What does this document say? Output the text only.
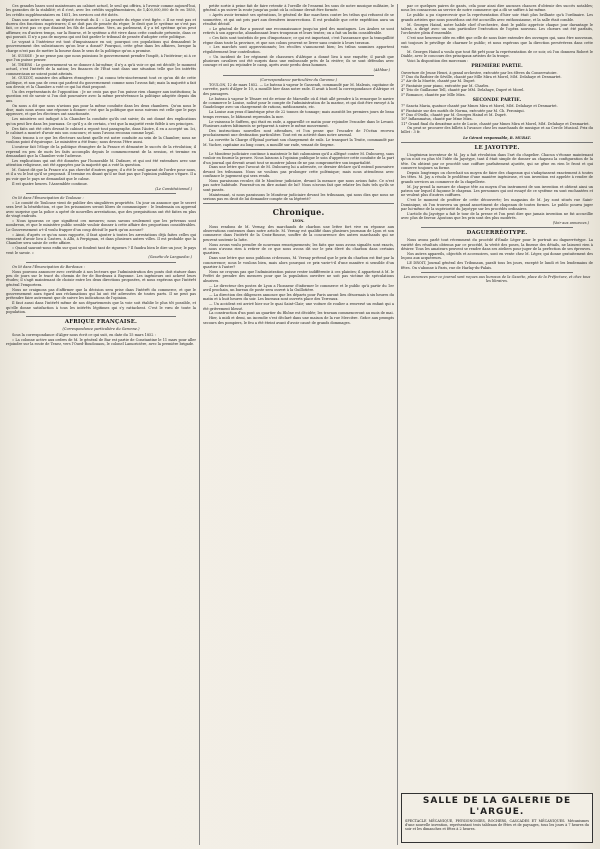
Ces grandes bases sont maintenues au cabinet actuel, le seul qui offrira, à l'avenir comme aujourd'hui, les garanties de la stabilité; et il s'est, avec les crédits supplémentaires, de 1,400,000,000 de fr. en 1850, les crédits supplémentaires en 1851, les services ont été dotés.
Dans une autre séance, un député écrivait du 4 : « La pensée du règne s'est figée. » Il ne veut pas et durera des fonctions supérieures; il ne doit pas de pensée du règne; le droit que le système ne s'est pas fait, ce n'est pas ce que disaient les fils de Lamartine. Vers, au parlement, il y a tel système qu'on peut affirmer, en d'autres temps, sur la Bourse, et le système a été vivre dans cette conduite présente, dans ce qui pouvait. Il n'y a pas de moyens qui ont fait garder le tribunal de pensée d'adopter cette politique.
Le voyant à l'intérieur est tout d'impuissance en soi; pourquoi ces populations qui demandent le gouvernement des subsistances qu'on leur a donné? Pourquoi, cette gêne dans les affaires, lorsque la charge n'est pas de mettre la bourse dans le sens de la politique qu'on a promise.
M. SUISSE : Je ne pense pas que nous puissions le gouvernement prendre l'impôt, à l'intérieur; ni à ce que l'on puisse penser.
M. THIERS : Le gouvernement va se donner à lui-même; il n'y a qu'à voir ce qui est décidé; le moment actuel, c'est l'intérêt de la nation; les finances de l'État sont dans une situation telle que les intérêts commerciaux ne soient point atteints.
M. GUIZOT, ministre des affaires étrangères : J'ai connu très-sincèrement tout ce qu'on dit de cette politique, et non pas de ceux qui parlent du gouvernement comme nous l'avons fait; mais la majorité a fait son devoir, et la Chambre a voté ce qui lui était proposé.
Un des représentants de l'opposition : Je ne crois pas que l'on puisse rien changer aux institutions; la question est de savoir si l'on doit poursuivre avec la même persévérance la politique adoptée depuis dix ans.
On nous a dit que nous n'avions pas pour la même conduite dans les deux chambres. Qu'on nous le dise; mais nous avons une réponse à donner: c'est que la politique que nous suivons est celle que le pays approuve, et que les électeurs ont sanctionnée.
Les ministres ont indiqué à la Chambre la conduite qu'ils ont suivie; ils ont donné des explications qu'on peut lire dans les journaux. Ce qu'il y a de certain, c'est que la majorité reste fidèle à ses principes.
Des faits ont été cités devant le cabinet a reposé tout paragraphe, dans l'Autre, il en a accepté un. Ici, le cabinet a montré d'avoir mis son concours; et nous l'avons reconnu comme loyal.
Nous tenons à ce que les électeurs sachent quelle est notre conduite au sein de la Chambre; nous ne voulons point d'équivoque. Le ministère a été franc; nous devons l'être aussi.
L'orateur fait l'éloge de la politique étrangère de la France et démontre le succès de la révolution; il reprend en peu de mots les faits accomplis depuis le commencement de la session, et termine en demandant que la Chambre vote l'adresse.
Les explications qui ont été données par l'honorable M. Dufaure, et qui ont été entendues avec une attention religieuse, ont été appuyées par la majorité qui a voté la question.
M. Guizot dit que la France n'a pas cherché d'autres gages; il a été le seul garant de l'ordre pour nous, et il a vu le but qu'il se proposait. Il termine en disant qu'il ne faut pas que l'opinion publique s'égare. Il a pu voir que le pays ne demandait que le calme.
Il est quatre heures. l'Assemblée continue.
(Le Constitutionnel.)
On lit dans l'Émancipation de Toulouse :
« Le comité de Toulouse vient de publier des singulières propriétés. Un jour on annonce que le secret sera levé la bénédiction, et que les prisonniers seront libres de communiquer : le lendemain on apprend avec surprise que la police a opéré de nouvelles arrestations, que des perquisitions ont été faites en plus de vingt endroits.
« Nous ignorons ce que signifient ces mesures; nous savons seulement que les prévenus sont nombreux, et que le ministère public semble vouloir donner à cette affaire des proportions considérables. Le Gouvernement a-t-il voulu frapper d'un coup décisif le parti qu'on accuse?
« Ainsi, d'après ce qu'on nous rapporte, il faut ajouter à toutes les arrestations déjà faites celles qui viennent d'avoir lieu à Castres, à Albi, à Perpignan, et dans plusieurs autres villes. Il est probable que la Chambre sera saisie de cette affaire.
« Quand sauront-nous enfin sur quoi se fondent tant de rigueurs ? Il faudra bien le dire un jour; le pays veut le savoir. »
(Gazette de Languedoc.)
On lit dans l'Émancipation de Bordeaux :
Nous pouvons annoncer avec certitude à nos lecteurs que l'administration des ponts doit statuer dans peu de jours sur le tracé du chemin de fer de Bordeaux à Bayonne. Les ingénieurs ont achevé leurs études; il s'agit maintenant de choisir entre les deux directions proposées, et nous espérons que l'intérêt général l'emportera.
Nous ne craignons pas d'affirmer que la décision sera prise dans l'intérêt du commerce, et que le gouvernement aura égard aux réclamations qui lui ont été adressées de toutes parts. Il ne peut pas prétendre faire autrement que de suivre les indications de l'opinion.
Il faut aussi dans l'intérêt même de nos départements que la voie soit établie le plus tôt possible, et qu'elle donne satisfaction à tous les intérêts légitimes qui s'y rattachent. C'est le vœu de toute la population.
AFRIQUE FRANÇAISE.
(Correspondance particulière du Garonne.)
Sous la correspondance d'Alger nous écrit ce qui suit, en date du 15 mars 1852 :
« La colonne active aux ordres de M. le général de Bar est partie de Constantine le 11 mars pour aller rejoindre sur la route de Tenez, vers l'Oued-Boudouaou, le colonel Lamoricière, avec la première brigade.
petite sortie à peine fait de faire retentir à l'oreille de l'ennemi les sons de notre musique militaire, le général a pu suivre la route jusqu'au point où la colonne devait être formée.
« Après avoir terminé ses opérations, le général de Bar marchera contre les tribus qui refusent de se soumettre, et qui ont pris part aux dernières insurrections. Il est probable que cette expédition aura un résultat décisif.
« Le général de Bar a poussé une reconnaissance jusqu'au pied des montagnes. Les Arabes se sont retirés à son approche, abandonnant leurs troupeaux et leurs tentes; on a fait un butin considérable.
« Ces faits sont toutefois de peu d'importance; ce qui est important, c'est l'assurance que la tranquillité règne dans toute la province, et que nos colons peuvent se livrer sans crainte à leurs travaux.
« Les marchés sont approvisionnés; les récoltes s'annoncent bien; les tribus soumises apportent régulièrement leur contribution.
« Un incident de 1er régiment de chasseurs d'Afrique a donné lieu à une enquête; il paraît que plusieurs cavaliers ont été surpris dans une embuscade près de la rivière; ils se sont défendus avec courage et ont pu rejoindre le camp, après avoir perdu deux hommes.
(Akhbar.)
(Correspondance particulière du Garonne.)
TOULON, 12 de mars 1852. — Le bateau à vapeur le Gassendi, commandé par M. Maleuis, capitaine de corvette, parti d'Alger le 10, a mouillé hier dans notre rade. Il avait à bord la correspondance d'Afrique et des passagers.
Le bateau à vapeur le Ténare est de retour de Marseille où il était allé prendre à la remorque le navire de commerce le Louise, nolisé pour le compte de l'administration de la marine, et qui doit être envoyé à la Guadeloupe avec un chargement de rations, médicaments, etc.
La Louise aux yeux d'Amérique pèse de 22 tonnes de tonnage; mais aussitôt les premiers jours de beau temps revenus, le bâtiment reprendra la mer.
Le vaisseau le Suffren, qui était en rade, a appareillé ce matin pour rejoindre l'escadre dans le Levant. Plusieurs autres bâtiments se préparent à suivre le même mouvement.
Des instructions nouvelles sont attendues, et l'on pense que l'escadre de l'Océan recevra prochainement une destination particulière. Tout est en activité dans notre arsenal.
La corvette la Charge d'Épinal portant son chargement de rails. Le transport la Truite, commandé par M. Vacher, capitaine au long cours, a mouillé sur rade, venant de Smyrne.
Le Moniteur judiciaire continue à maintenir le fait calomnieux qu'il a allégué contre M. Duboureg, sans vouloir en fournir la preuve. Nous laissons à l'opinion publique le soin d'apprécier cette conduite de la part d'un journal qui devrait avant tout se montrer jaloux de ne pas compromettre son impartialité.
Dans une lettre que l'avocat de M. Duboureg lui a adressée, ce dernier déclare qu'il entend poursuivre devant les tribunaux. Nous ne voulons pas prolonger cette polémique; mais nous attendrons avec confiance le jugement qui sera rendu.
Nous paraissons reculer, dit le Moniteur judiciaire, devant la menace que nous avions faite. Ce n'est pas notre habitude. Pourrait-on en dire autant de lui? Nous n'avons fait que relater les faits tels qu'ils se sont passés.
Maintenant, si nous paraissons le Moniteur judiciaire devant les tribunaux, qui nous dira que nous ne serions pas en droit de lui demander compte de sa légèreté?
Chronique.
LYON.
Nous rendons de M. Vernay, des marchands de charbon une lettre fort vive en réponse aux observations contenues dans notre article. M. Vernay est qualifié dans plusieurs journaux de Lyon et son commerce dans l'intérêt de la Croix-Rousse, souffre de la concurrence des autres marchands qui ne peuvent soutenir la lutte.
Nous avons voulu prendre de nouveaux renseignements; les faits que nous avons signalés sont exacts, et nous n'avons rien à retirer de ce que nous avons dit sur le prix élevé du charbon dans certains quartiers.
Dans une lettre que nous publions ci-dessous, M. Vernay prétend que le prix du charbon est fixé par la concurrence; nous le voulons bien, mais alors pourquoi ce prix varie-t-il d'une manière si sensible d'un quartier à l'autre?
Nous ne croyons pas que l'administration puisse rester indifférente à ces plaintes; il appartient à M. le Préfet de prendre des mesures pour que la population ouvrière ne soit pas victime de spéculations abusives.
— Le directeur des postes de Lyon a l'honneur d'informer le commerce et le public qu'à partir du 1er avril prochain, un bureau de poste sera ouvert à la Guillotière.
— La direction des diligences annonce que les départs pour Paris auront lieu désormais à six heures du matin et à huit heures du soir. Les bureaux sont ouverts place des Terreaux.
— Un accident est arrivé hier sur le quai Saint-Clair; une voiture de roulier a renversé un enfant qui a été grièvement blessé.
La construction d'un pont au quartier du Rhône est décidée; les travaux commenceront au mois de mai.
Hier, à midi et demi, un incendie s'est déclaré dans une maison de la rue Mercière. Grâce aux prompts secours des pompiers, le feu a été éteint avant d'avoir causé de grands dommages.
par ce quelques paires de gants, cela pour ainsi dire aucunes chances d'obtenir des succès notables; nous les consacrons au service de notre commerce qui a dû se suffire à lui-même.
Le public a pu s'apercevoir que la représentation d'hier soir était plus brillante qu'à l'ordinaire. Les grands artistes que nous possédons ont été accueillis avec enthousiasme, et la salle était comble.
M. Georges Haind, notre habile chef d'orchestre, dont le public apprécie chaque jour davantage le talent, a dirigé avec un soin particulier l'exécution de l'opéra nouveau. Les chœurs ont été parfaits, l'orchestre plein d'ensemble.
C'est une heureuse idée en effet que celle de nous faire entendre des ouvrages qui, sans être nouveaux, ont toujours le privilège de charmer le public; et nous espérons que la direction persévérera dans cette voie.
M. Georges Haind a voulu que tout fût prêt pour la représentation de ce soir, où l'on donnera Robert le Diable, avec le concours des principaux artistes de la troupe.
Voici la disposition des morceaux :
PREMIÈRE PARTIE.
Ouverture de Jeune Henri, à grand orchestre, exécutée par les élèves du Conservatoire.
1° Duo du Barbier de Séville, chanté par Mlle Mira et Morel, MM. Delahaye et Desmartet.
2° Air de la Muette, chanté par M. Dupré.
3° Fantaisie pour piano, exécutée par M. Charles.
4° Trio de Guillaume Tell, chanté par MM. Delahaye, Dupré et Morel.
5° Romance, chantée par Mlle Mira.
SECONDE PARTIE.
7° Sancta Maria, quatuor chanté par Mmes Mira et Morel, MM. Delahaye et Desmartet.
8° Fantaisie sur des motifs de Norma, exécutée par M. Ch. Feroniqui.
9° Duo d'Otello, chanté par M. Georges Haind et M. Dupré.
10° Inflammatus, chanté par Mme Mira.
11° Grand final du deuxième acte de Lucie, chanté par Mmes Mira et Morel, MM. Delahaye et Desmartet.
On peut se procurer des billets à l'avance chez les marchands de musique et au Cercle Musical. Prix du billet : 3 fr.
Le Gérant responsable, B. MURAT.
LE JAYOTYPE.
L'ingénieux inventeur de M. Jay a fait révolution dans l'art du chapelier. Chacun s'étonne maintenant qu'on n'ait eu plus tôt l'idée du Jayotype, tant il était simple de donner au chapeau la configuration de la tête. On obtient par ce procédé une coiffure parfaitement ajustée, qui ne gêne en rien le front et qui conserve toujours sa forme.
Depuis longtemps on cherchait un moyen de faire des chapeaux qui s'adaptassent exactement à toutes les têtes. M. Jay a résolu le problème d'une manière ingénieuse, et son invention est appelée à rendre de grands services au commerce de la chapellerie.
M. Jay prend la mesure de chaque tête au moyen d'un instrument de son invention et obtient ainsi un patron sur lequel il façonne le chapeau. Les personnes qui ont essayé de ce système en sont enchantées et ne veulent plus d'autres coiffures.
C'est le moment de profiter de cette découverte; les magasins de M. Jay sont situés rue Saint-Dominique, où l'on trouvera un grand assortiment de chapeaux de toutes formes. Le public pourra juger par lui-même de la supériorité du Jayotype sur les procédés ordinaires.
L'article du Jayotype a fait le tour de la presse et l'on peut dire que jamais invention ne fut accueillie avec plus de faveur. Ajoutons que les prix sont des plus modérés.
(Voir aux annonces.)
DAGUERRÉOTYPE.
Nous avons parlé tout récemment du procédé d'Émile Léger pour le portrait au daguerréotype. La variété des résultats obtenus par ce procédé, la vérité des poses, la finesse des détails, ne laissent rien à désirer. Tous les amateurs peuvent se rendre dans ses ateliers pour juger de la perfection de ses épreuves.
Nos autres appareils, objectifs et accessoires, sont en vente chez M. Léger, qui donne gratuitement des leçons aux acquéreurs.
LE DROIT, Journal général des Tribunaux, paraît tous les jours, excepté le lundi et les lendemains de fêtes. On s'abonne à Paris, rue de Harlay-du-Palais.
Les annonces pour ce journal sont reçues aux bureaux de la Gazette, place de la Préfecture, et chez tous les libraires.
SALLE DE LA GALERIE DE L'ARGUE.
SPECTACLE MÉCANIQUE, PHYSIONOMIES, ROCHERS, CASCADES ET MÉCANIQUES. Mécanismes d'une nouvelle invention, représentant trois tableaux de fêtes et de paysages, tous les jours à 7 heures du soir et les dimanches et fêtes à 2 heures.
